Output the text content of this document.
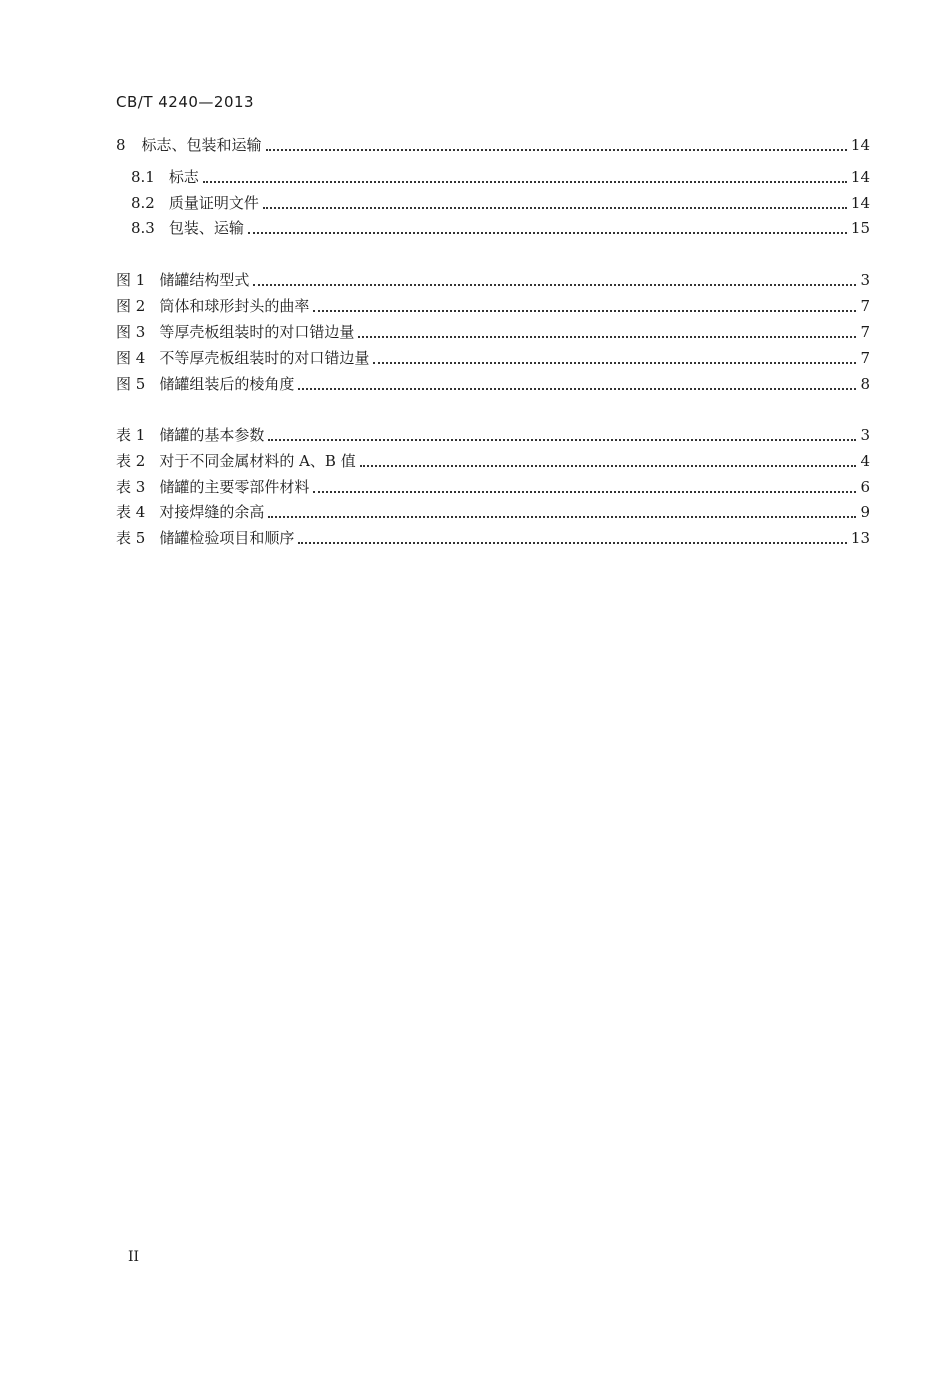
CB/T 4240—2013
8 标志、包装和运输	14
8.1 标志	14
8.2 质量证明文件	14
8.3 包装、运输	15
图 1 储罐结构型式	3
图 2 筒体和球形封头的曲率	7
图 3 等厚壳板组装时的对口错边量	7
图 4 不等厚壳板组装时的对口错边量	7
图 5 储罐组装后的棱角度	8
表 1 储罐的基本参数	3
表 2 对于不同金属材料的 A、B 值	4
表 3 储罐的主要零部件材料	6
表 4 对接焊缝的余高	9
表 5 储罐检验项目和顺序	13
II
